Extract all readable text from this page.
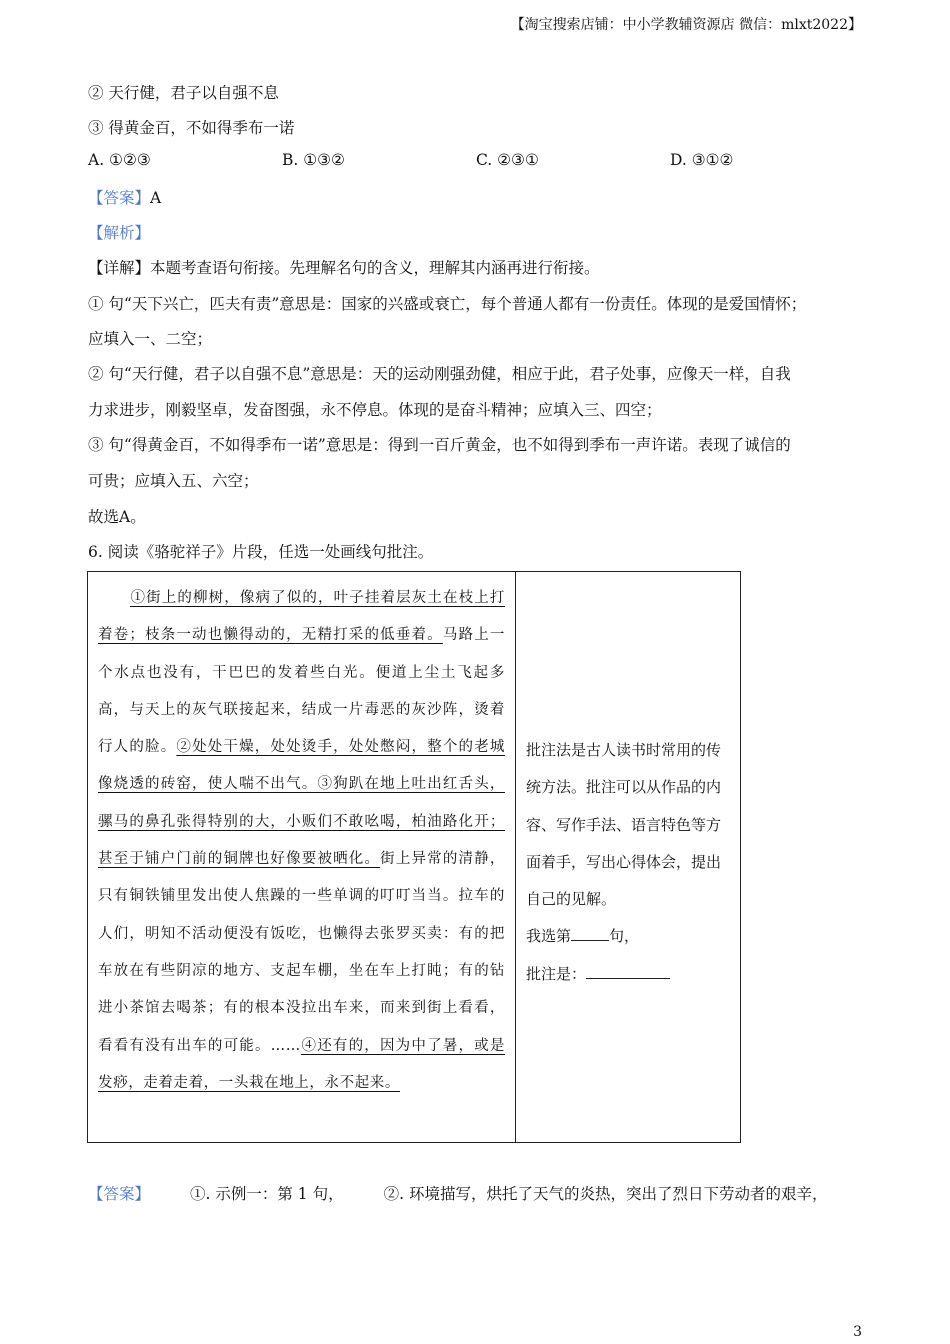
【淘宝搜索店铺：中小学教辅资源店 微信：mlxt2022】
② 天行健，君子以自强不息
③ 得黄金百，不如得季布一诺
A. ①②③	B. ①③②	C. ②③①	D. ③①②
【答案】A
【解析】
【详解】本题考查语句衔接。先理解名句的含义，理解其内涵再进行衔接。
① 句“天下兴亡，匹夫有责”意思是：国家的兴盛或衰亡，每个普通人都有一份责任。体现的是爱国情怀；
应填入一、二空；
② 句“天行健，君子以自强不息”意思是：天的运动刚强劲健，相应于此，君子处事，应像天一样，自我
力求进步，刚毅坚卓，发奋图强，永不停息。体现的是奋斗精神；应填入三、四空；
③ 句“得黄金百，不如得季布一诺”意思是：得到一百斤黄金，也不如得到季布一声许诺。表现了诚信的
可贵；应填入五、六空；
故选A。
6. 阅读《骆驼祥子》片段，任选一处画线句批注。
①街上的柳树，像病了似的，叶子挂着层灰土在枝上打着卷；枝条一动也懒得动的，无精打采的低垂着。马路上一个水点也没有，干巴巴的发着些白光。便道上尘土飞起多高，与天上的灰气联接起来，结成一片毒恶的灰沙阵，烫着行人的脸。②处处干燥，处处烫手，处处憋闷，整个的老城像烧透的砖窑，使人喘不出气。③狗趴在地上吐出红舌头，骡马的鼻孔张得特别的大，小贩们不敢吆喝，柏油路化开；甚至于铺户门前的铜牌也好像要被晒化。街上异常的清静，只有铜铁铺里发出使人焦躁的一些单调的叮叮当当。拉车的人们，明知不活动便没有饭吃，也懒得去张罗买卖：有的把车放在有些阴凉的地方、支起车棚，坐在车上打盹；有的钻进小茶馆去喝茶；有的根本没拉出车来，而来到街上看看，看看有没有出车的可能。……④还有的，因为中了暑，或是发痧，走着走着，一头栽在地上，永不起来。

批注法是古人读书时常用的传统方法。批注可以从作品的内容、写作手法、语言特色等方面着手，写出心得体会，提出自己的见解。
我选第	句，
批注是：
【答案】	①. 示例一：第 1 句，	②. 环境描写，烘托了天气的炎热，突出了烈日下劳动者的艰辛，
3
